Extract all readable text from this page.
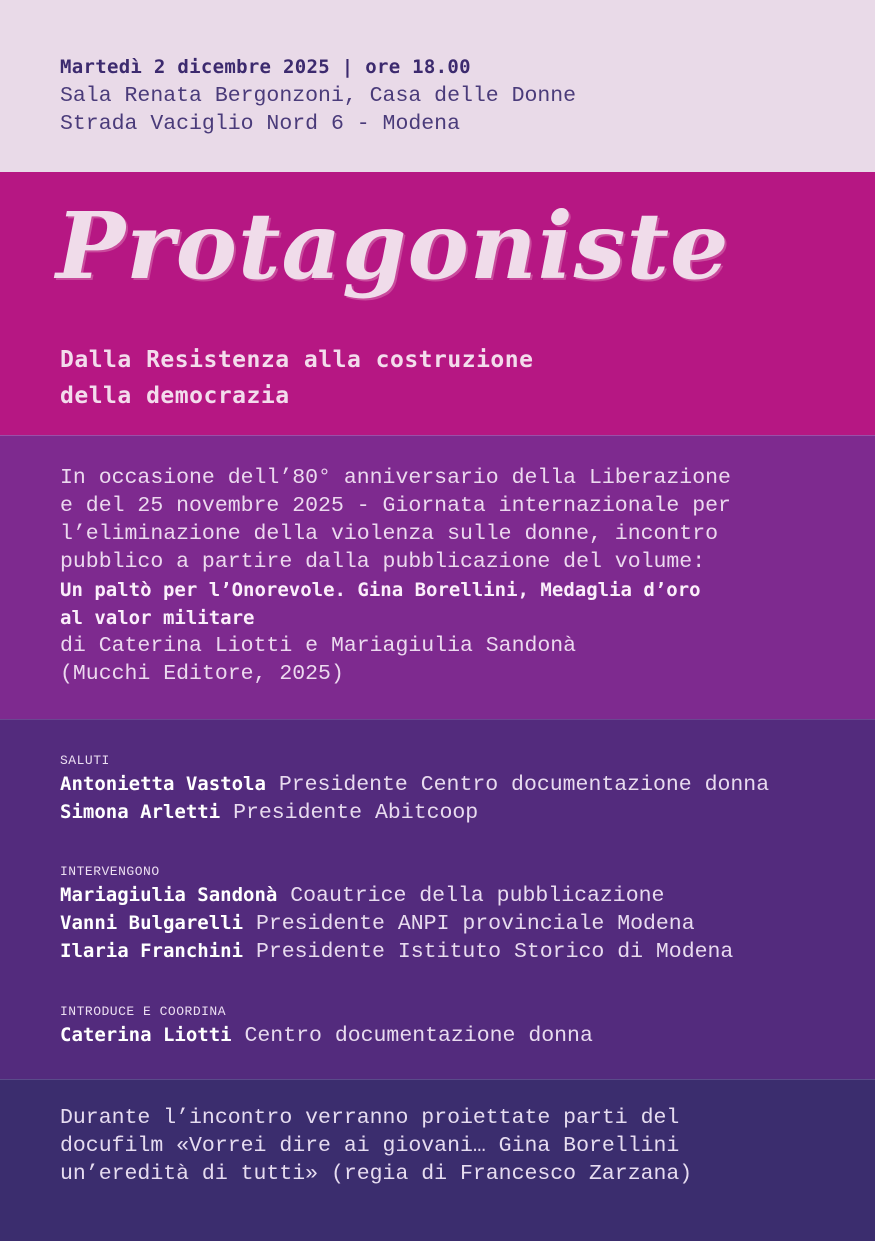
Martedì 2 dicembre 2025 | ore 18.00
Sala Renata Bergonzoni, Casa delle Donne
Strada Vaciglio Nord 6 - Modena
Protagoniste
Dalla Resistenza alla costruzione
della democrazia
In occasione dell’80° anniversario della Liberazione
e del 25 novembre 2025 - Giornata internazionale per
l’eliminazione della violenza sulle donne, incontro
pubblico a partire dalla pubblicazione del volume:
Un paltò per l’Onorevole. Gina Borellini, Medaglia d’oro
al valor militare
di Caterina Liotti e Mariagiulia Sandonà
(Mucchi Editore, 2025)
SALUTI
Antonietta Vastola Presidente Centro documentazione donna
Simona Arletti Presidente Abitcoop
INTERVENGONO
Mariagiulia Sandonà Coautrice della pubblicazione
Vanni Bulgarelli Presidente ANPI provinciale Modena
Ilaria Franchini Presidente Istituto Storico di Modena
INTRODUCE E COORDINA
Caterina Liotti Centro documentazione donna
Durante l’incontro verranno proiettate parti del
docufilm «Vorrei dire ai giovani… Gina Borellini
un’eredità di tutti» (regia di Francesco Zarzana)
